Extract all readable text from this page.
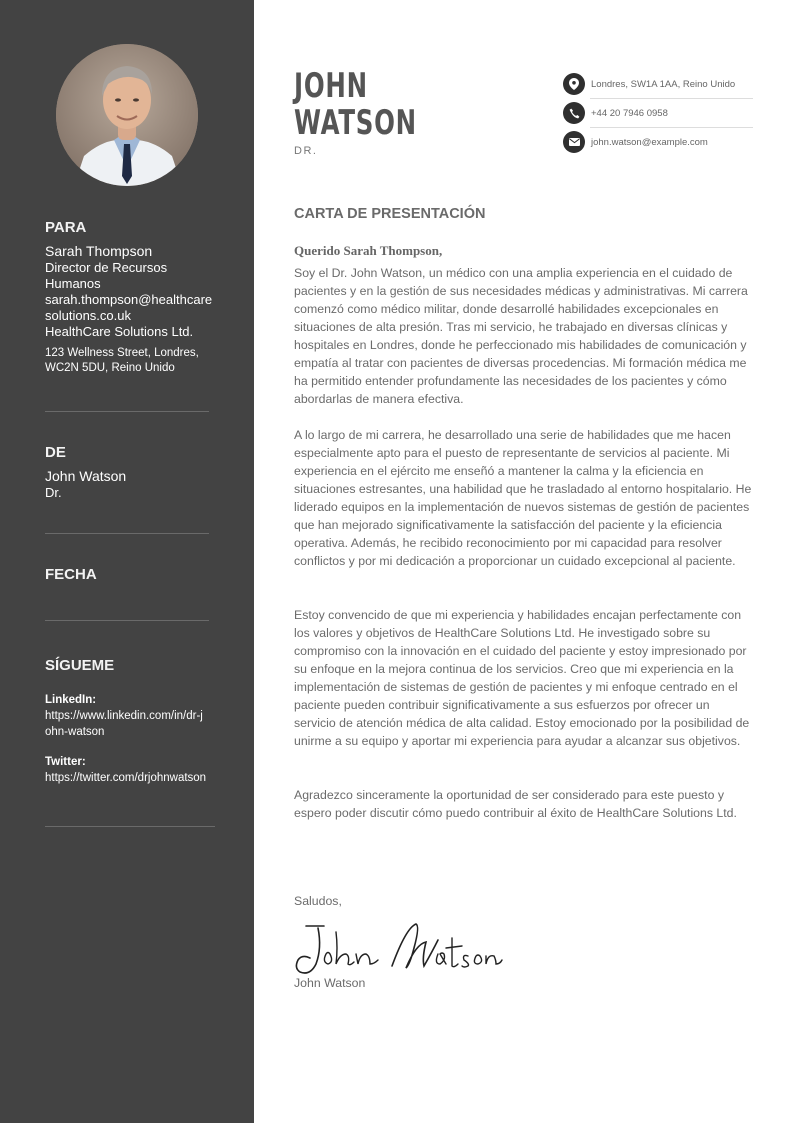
PARA
Sarah Thompson
Director de Recursos Humanos
sarah.thompson@healthcaresolutions.co.uk
HealthCare Solutions Ltd.
123 Wellness Street, Londres, WC2N 5DU, Reino Unido
DE
John Watson
Dr.
FECHA
SÍGUEME
LinkedIn:
https://www.linkedin.com/in/dr-john-watson
Twitter:
https://twitter.com/drjohnwatson
JOHN
WATSON
DR.
Londres, SW1A 1AA, Reino Unido
+44 20 7946 0958
john.watson@example.com
CARTA DE PRESENTACIÓN
Querido Sarah Thompson,

Soy el Dr. John Watson, un médico con una amplia experiencia en el cuidado de pacientes y en la gestión de sus necesidades médicas y administrativas. Mi carrera comenzó como médico militar, donde desarrollé habilidades excepcionales en situaciones de alta presión. Tras mi servicio, he trabajado en diversas clínicas y hospitales en Londres, donde he perfeccionado mis habilidades de comunicación y empatía al tratar con pacientes de diversas procedencias. Mi formación médica me ha permitido entender profundamente las necesidades de los pacientes y cómo abordarlas de manera efectiva.

A lo largo de mi carrera, he desarrollado una serie de habilidades que me hacen especialmente apto para el puesto de representante de servicios al paciente. Mi experiencia en el ejército me enseñó a mantener la calma y la eficiencia en situaciones estresantes, una habilidad que he trasladado al entorno hospitalario. He liderado equipos en la implementación de nuevos sistemas de gestión de pacientes que han mejorado significativamente la satisfacción del paciente y la eficiencia operativa. Además, he recibido reconocimiento por mi capacidad para resolver conflictos y por mi dedicación a proporcionar un cuidado excepcional al paciente.

Estoy convencido de que mi experiencia y habilidades encajan perfectamente con los valores y objetivos de HealthCare Solutions Ltd. He investigado sobre su compromiso con la innovación en el cuidado del paciente y estoy impresionado por su enfoque en la mejora continua de los servicios. Creo que mi experiencia en la implementación de sistemas de gestión de pacientes y mi enfoque centrado en el paciente pueden contribuir significativamente a sus esfuerzos por ofrecer un servicio de atención médica de alta calidad. Estoy emocionado por la posibilidad de unirme a su equipo y aportar mi experiencia para ayudar a alcanzar sus objetivos.

Agradezco sinceramente la oportunidad de ser considerado para este puesto y espero poder discutir cómo puedo contribuir al éxito de HealthCare Solutions Ltd.

Saludos,
John Watson
